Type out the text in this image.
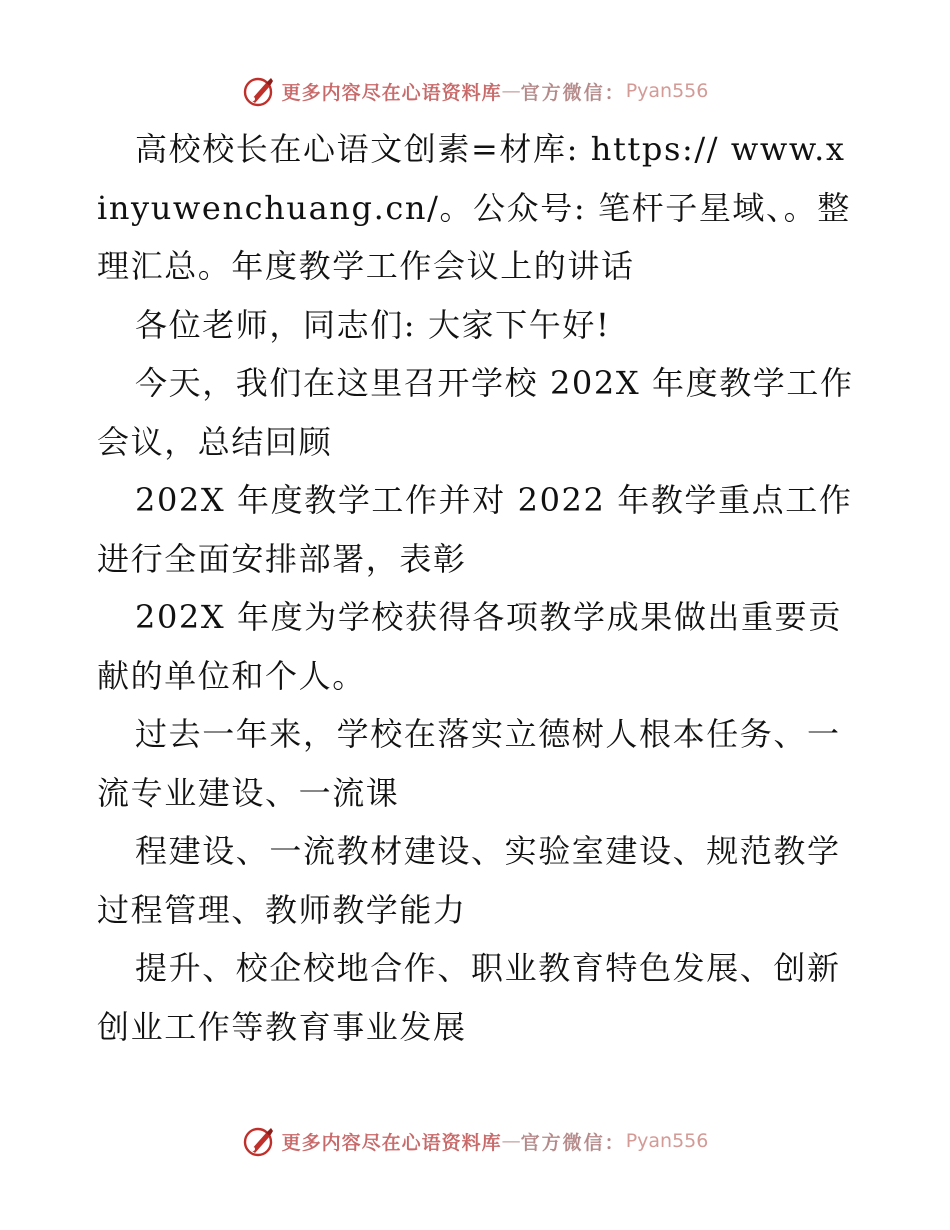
更多内容尽在心语资料库 — 官方微信： Pyan556

高校校长在心语文创素=材库: https:// www.xinyuwenchuang.cn/。公众号: 笔杆子星域、。整理汇总。年度教学工作会议上的讲话

各位老师，同志们: 大家下午好!

今天，我们在这里召开学校 202X 年度教学工作会议，总结回顾

202X 年度教学工作并对 2022 年教学重点工作进行全面安排部署，表彰

202X 年度为学校获得各项教学成果做出重要贡献的单位和个人。

过去一年来，学校在落实立德树人根本任务、一流专业建设、一流课

程建设、一流教材建设、实验室建设、规范教学过程管理、教师教学能力

提升、校企校地合作、职业教育特色发展、创新创业工作等教育事业发展

更多内容尽在心语资料库 — 官方微信： Pyan556
